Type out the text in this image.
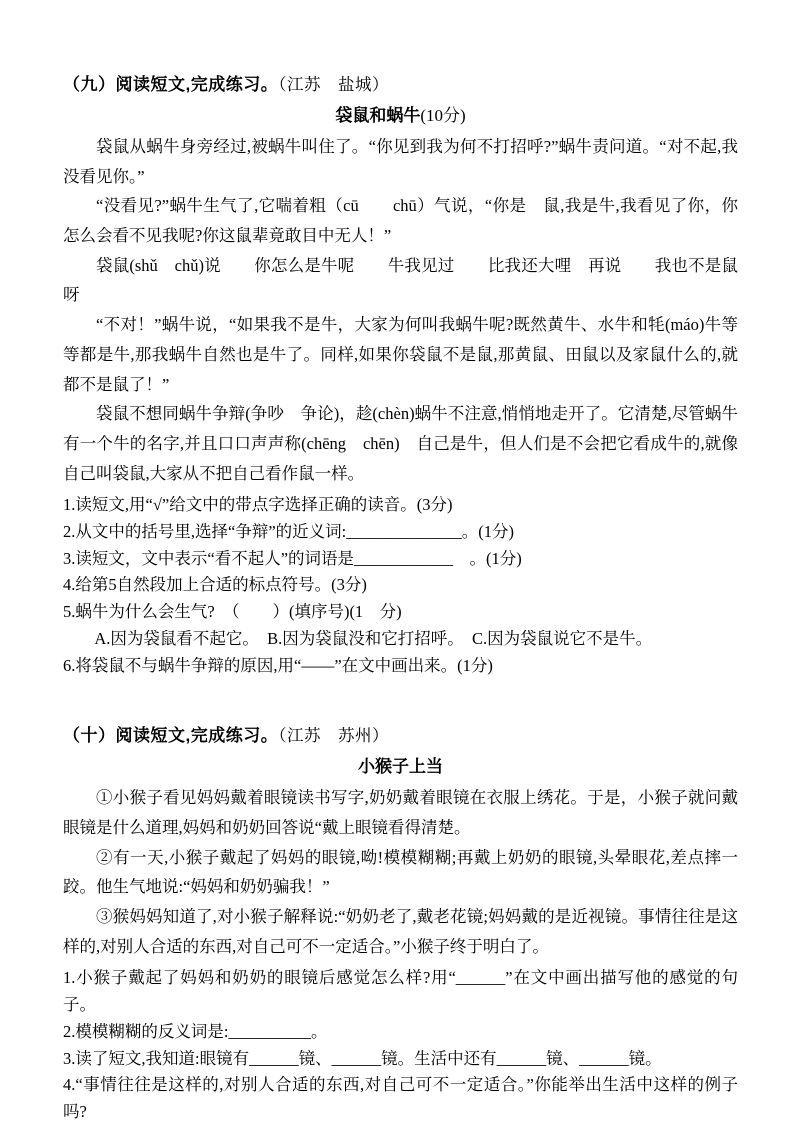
（九）阅读短文,完成练习。（江苏　盐城）
袋鼠和蜗牛(10分)

袋鼠从蜗牛身旁经过,被蜗牛叫住了。“你见到我为何不打招呼?”蜗牛责问道。“对不起,我没看见你。”

“没看见?”蜗牛生气了,它喘着粗（cū　　chū）气说，“你是　鼠,我是牛,我看见了你，你怎么会看不见我呢?你这鼠辈竟敢目中无人！”

袋鼠(shǔ　chǔ)说　　你怎么是牛呢　　牛我见过　　比我还大哩　再说　　我也不是鼠呀

“不对！”蜗牛说，“如果我不是牛，大家为何叫我蜗牛呢?既然黄牛、水牛和牦(máo)牛等等都是牛,那我蜗牛自然也是牛了。同样,如果你袋鼠不是鼠,那黄鼠、田鼠以及家鼠什么的,就都不是鼠了！”

袋鼠不想同蜗牛争辩(争吵　争论)，趁(chèn)蜗牛不注意,悄悄地走开了。它清楚,尽管蜗牛有一个牛的名字,并且口口声声称(chēng　chēn)　自己是牛，但人们是不会把它看成牛的,就像自己叫袋鼠,大家从不把自己看作鼠一样。

1.读短文,用“√”给文中的带点字选择正确的读音。(3分)

2.从文中的括号里,选择“争辩”的近义词:______________。(1分)

3.读短文，文中表示“看不起人”的词语是____________　。(1分)

4.给第5自然段加上合适的标点符号。(3分)

5.蜗牛为什么会生气?　（　　）(填序号)(1　分)

A.因为袋鼠看不起它。　B.因为袋鼠没和它打招呼。　C.因为袋鼠说它不是牛。

6.将袋鼠不与蜗牛争辩的原因,用“——”在文中画出来。(1分)

（十）阅读短文,完成练习。（江苏　苏州）
小猴子上当

①小猴子看见妈妈戴着眼镜读书写字,奶奶戴着眼镜在衣服上绣花。于是，小猴子就问戴眼镜是什么道理,妈妈和奶奶回答说“戴上眼镜看得清楚。

②有一天,小猴子戴起了妈妈的眼镜,呦!模模糊糊;再戴上奶奶的眼镜,头晕眼花,差点摔一跤。他生气地说:“妈妈和奶奶骗我！”

③猴妈妈知道了,对小猴子解释说:“奶奶老了,戴老花镜;妈妈戴的是近视镜。事情往往是这样的,对别人合适的东西,对自己可不一定适合。”小猴子终于明白了。

1.小猴子戴起了妈妈和奶奶的眼镜后感觉怎么样?用“______”在文中画出描写他的感觉的句子。

2.模模糊糊的反义词是:__________。

3.读了短文,我知道:眼镜有______镜、______镜。生活中还有______镜、______镜。

4.“事情往往是这样的,对别人合适的东西,对自己可不一定适合。”你能举出生活中这样的例子吗?
